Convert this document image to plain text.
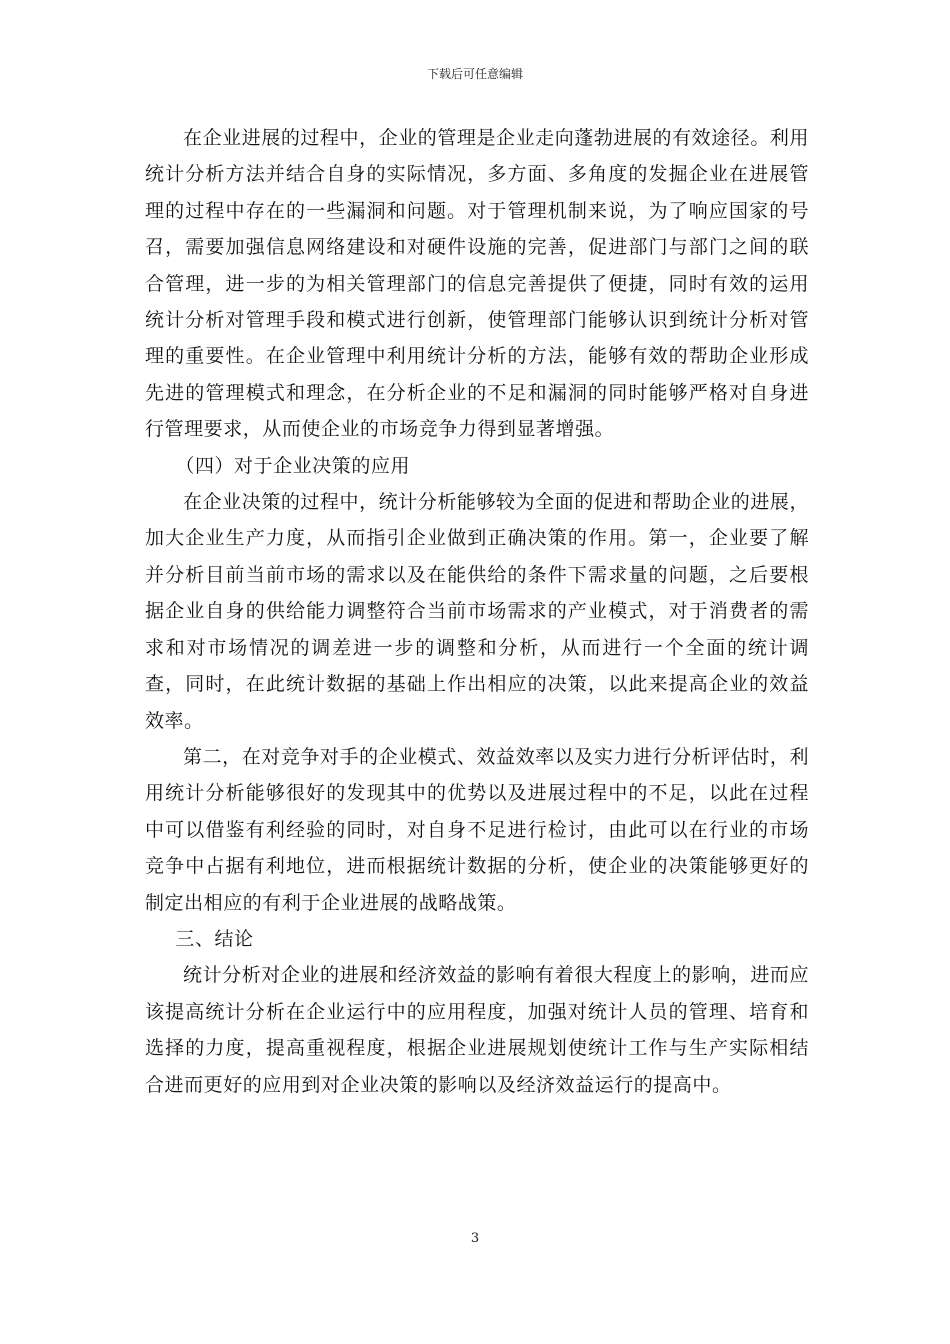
下载后可任意编辑

在企业进展的过程中，企业的管理是企业走向蓬勃进展的有效途径。利用统计分析方法并结合自身的实际情况，多方面、多角度的发掘企业在进展管理的过程中存在的一些漏洞和问题。对于管理机制来说，为了响应国家的号召，需要加强信息网络建设和对硬件设施的完善，促进部门与部门之间的联合管理，进一步的为相关管理部门的信息完善提供了便捷，同时有效的运用统计分析对管理手段和模式进行创新，使管理部门能够认识到统计分析对管理的重要性。在企业管理中利用统计分析的方法，能够有效的帮助企业形成先进的管理模式和理念，在分析企业的不足和漏洞的同时能够严格对自身进行管理要求，从而使企业的市场竞争力得到显著增强。

（四）对于企业决策的应用

在企业决策的过程中，统计分析能够较为全面的促进和帮助企业的进展，加大企业生产力度，从而指引企业做到正确决策的作用。第一，企业要了解并分析目前当前市场的需求以及在能供给的条件下需求量的问题，之后要根据企业自身的供给能力调整符合当前市场需求的产业模式，对于消费者的需求和对市场情况的调差进一步的调整和分析，从而进行一个全面的统计调查，同时，在此统计数据的基础上作出相应的决策，以此来提高企业的效益效率。

第二，在对竞争对手的企业模式、效益效率以及实力进行分析评估时，利用统计分析能够很好的发现其中的优势以及进展过程中的不足，以此在过程中可以借鉴有利经验的同时，对自身不足进行检讨，由此可以在行业的市场竞争中占据有利地位，进而根据统计数据的分析，使企业的决策能够更好的制定出相应的有利于企业进展的战略战策。

三、结论

统计分析对企业的进展和经济效益的影响有着很大程度上的影响，进而应该提高统计分析在企业运行中的应用程度，加强对统计人员的管理、培育和选择的力度，提高重视程度，根据企业进展规划使统计工作与生产实际相结合进而更好的应用到对企业决策的影响以及经济效益运行的提高中。

3
